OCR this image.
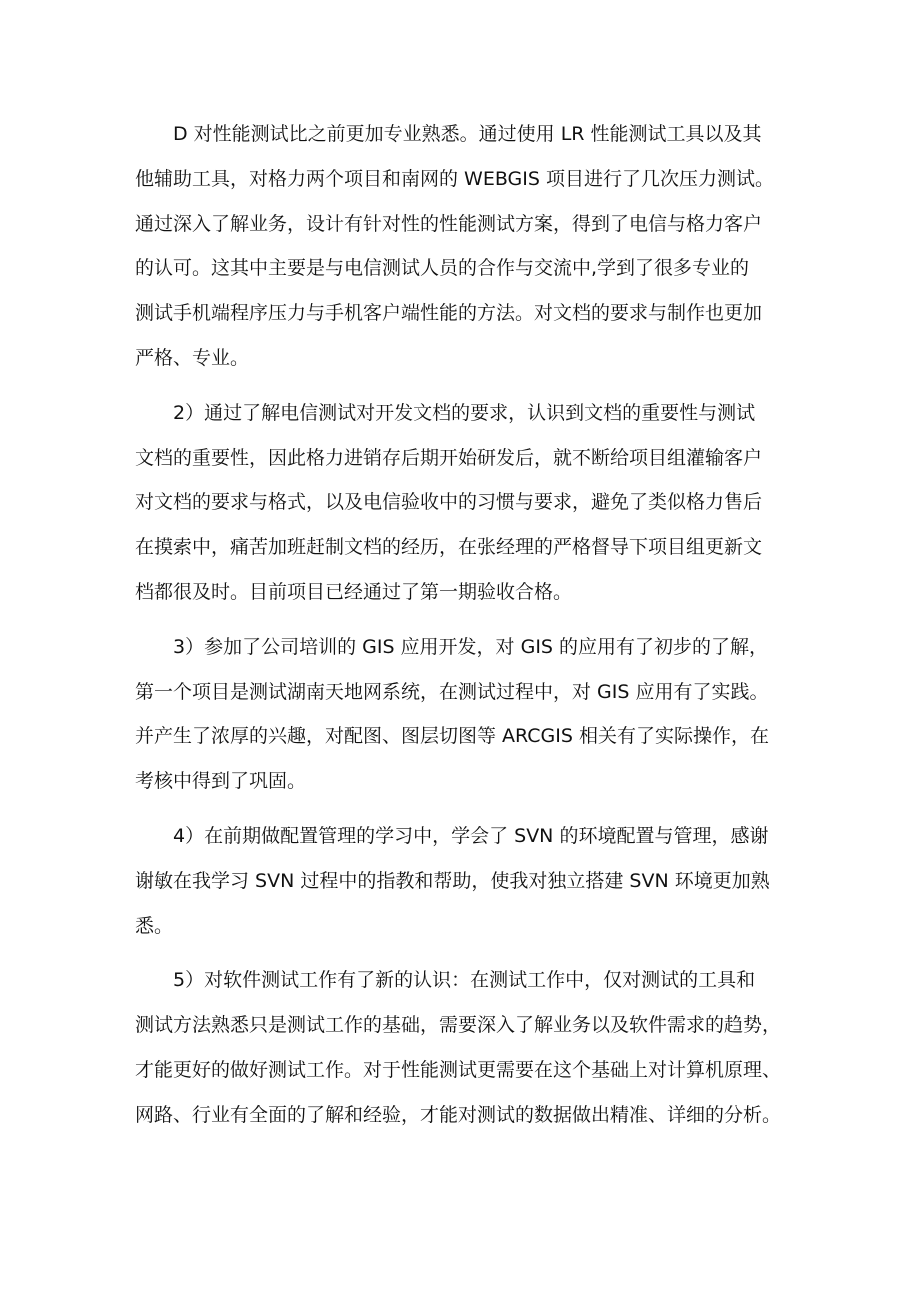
D 对性能测试比之前更加专业熟悉。通过使用 LR 性能测试工具以及其
他辅助工具，对格力两个项目和南网的 WEBGIS 项目进行了几次压力测试。
通过深入了解业务，设计有针对性的性能测试方案，得到了电信与格力客户
的认可。这其中主要是与电信测试人员的合作与交流中,学到了很多专业的
测试手机端程序压力与手机客户端性能的方法。对文档的要求与制作也更加
严格、专业。
2）通过了解电信测试对开发文档的要求，认识到文档的重要性与测试
文档的重要性，因此格力进销存后期开始研发后，就不断给项目组灌输客户
对文档的要求与格式，以及电信验收中的习惯与要求，避免了类似格力售后
在摸索中，痛苦加班赶制文档的经历，在张经理的严格督导下项目组更新文
档都很及时。目前项目已经通过了第一期验收合格。
3）参加了公司培训的 GIS 应用开发，对 GIS 的应用有了初步的了解，
第一个项目是测试湖南天地网系统，在测试过程中，对 GIS 应用有了实践。
并产生了浓厚的兴趣，对配图、图层切图等 ARCGIS 相关有了实际操作，在
考核中得到了巩固。
4）在前期做配置管理的学习中，学会了 SVN 的环境配置与管理，感谢
谢敏在我学习 SVN 过程中的指教和帮助，使我对独立搭建 SVN 环境更加熟
悉。
5）对软件测试工作有了新的认识：在测试工作中，仅对测试的工具和
测试方法熟悉只是测试工作的基础，需要深入了解业务以及软件需求的趋势，
才能更好的做好测试工作。对于性能测试更需要在这个基础上对计算机原理、
网路、行业有全面的了解和经验，才能对测试的数据做出精准、详细的分析。
